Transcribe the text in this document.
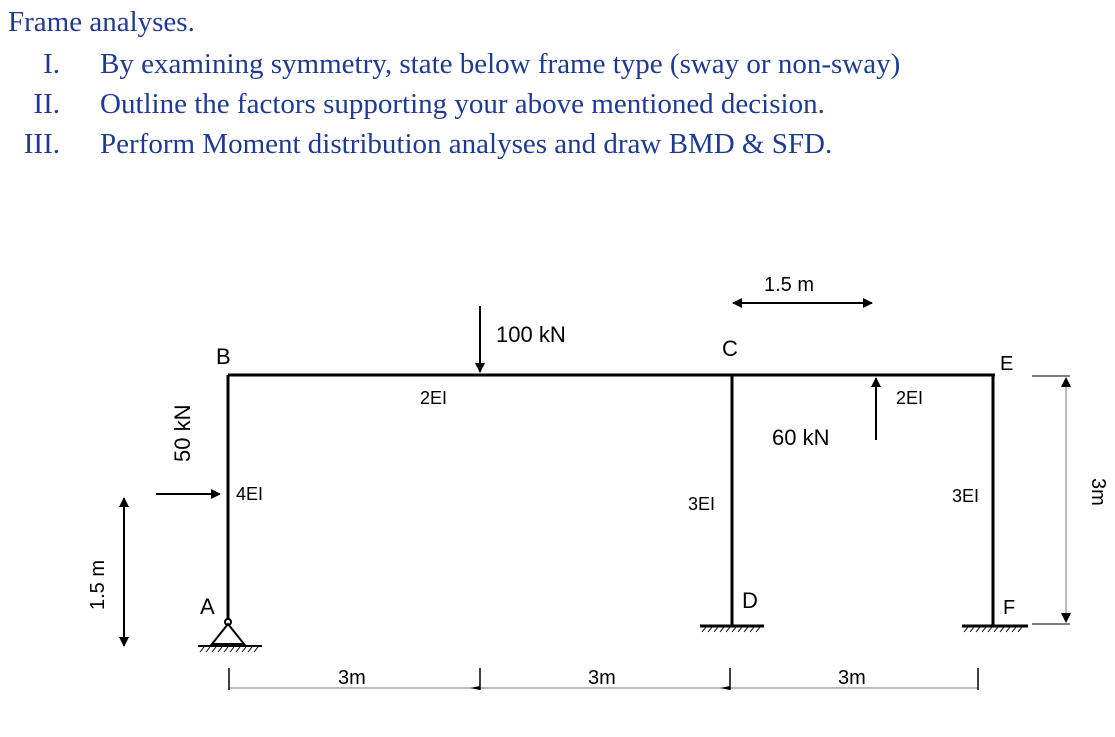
Frame analyses.
I. By examining symmetry, state below frame type (sway or non-sway)
II. Outline the factors supporting your above mentioned decision.
III. Perform Moment distribution analyses and draw BMD & SFD.
B	C
E
A	D	F
4EI
2EI
3EI
2EI
3EI
100 kN
60 kN
50 kN
1.5 m
3m	3m	3m
3m
1.5 m
